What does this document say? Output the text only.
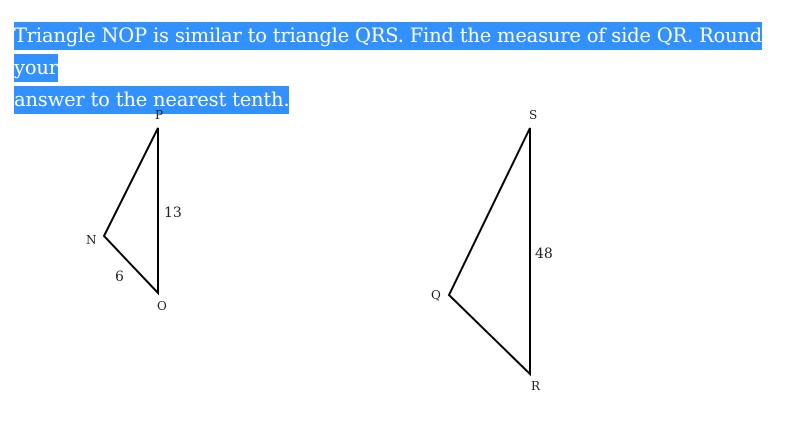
Triangle NOP is similar to triangle QRS. Find the measure of side QR. Round your
answer to the nearest tenth.

P
N
O
13
6
S
Q
R
48
